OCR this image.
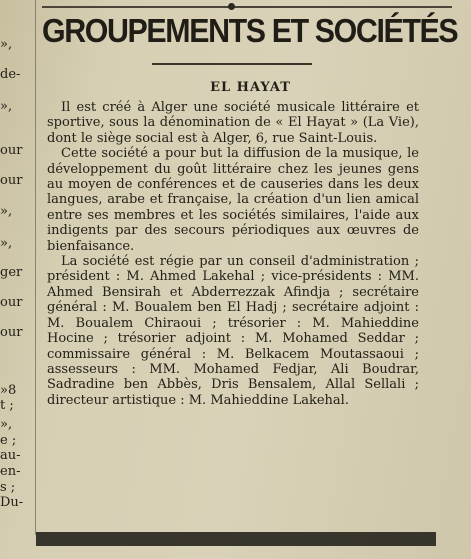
»,
de-
»,
our
our
»,
»,
ger
our
our
»8
t ;
»,
e ;
au-
en-
s ;
Du-
GROUPEMENTS ET SOCIÉTÉS
EL HAYAT

Il est créé à Alger une société musicale littéraire et sportive, sous la dénomination de « El Hayat » (La Vie), dont le siège social est à Alger, 6, rue Saint-Louis.

Cette société a pour but la diffusion de la musique, le développement du goût littéraire chez les jeunes gens au moyen de conférences et de causeries dans les deux langues, arabe et française, la création d'un lien amical entre ses membres et les sociétés similaires, l'aide aux indigents par des secours périodiques aux œuvres de bienfaisance.

La société est régie par un conseil d'administration ; président : M. Ahmed Lakehal ; vice-présidents : MM. Ahmed Bensirah et Abderrezzak Afindja ; secrétaire général : M. Boualem ben El Hadj ; secrétaire adjoint : M. Boualem Chiraoui ; trésorier : M. Mahieddine Hocine ; trésorier adjoint : M. Mohamed Seddar ; commissaire général : M. Belkacem Moutassaoui ; assesseurs : MM. Mohamed Fedjar, Ali Boudrar, Sadradine ben Abbès, Dris Bensalem, Allal Sellali ; directeur artistique : M. Mahieddine Lakehal.
